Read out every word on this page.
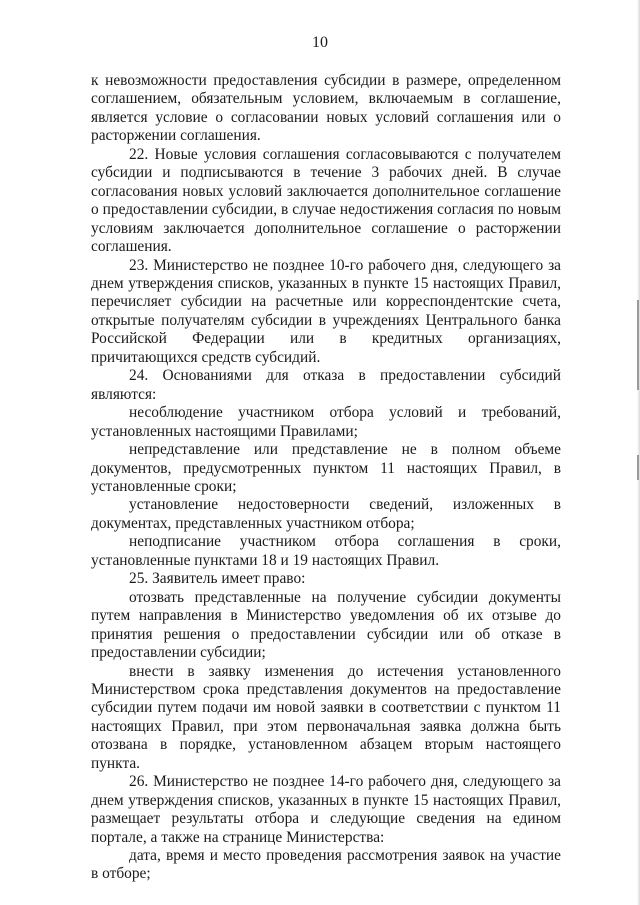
10

к невозможности предоставления субсидии в размере, определенном соглашением, обязательным условием, включаемым в соглашение, является условие о согласовании новых условий соглашения или о расторжении соглашения.

22. Новые условия соглашения согласовываются с получателем субсидии и подписываются в течение 3 рабочих дней. В случае согласования новых условий заключается дополнительное соглашение о предоставлении субсидии, в случае недостижения согласия по новым условиям заключается дополнительное соглашение о расторжении соглашения.

23. Министерство не позднее 10-го рабочего дня, следующего за днем утверждения списков, указанных в пункте 15 настоящих Правил, перечисляет субсидии на расчетные или корреспондентские счета, открытые получателям субсидии в учреждениях Центрального банка Российской Федерации или в кредитных организациях, причитающихся средств субсидий.

24. Основаниями для отказа в предоставлении субсидий являются:

несоблюдение участником отбора условий и требований, установленных настоящими Правилами;

непредставление или представление не в полном объеме документов, предусмотренных пунктом 11 настоящих Правил, в установленные сроки;

установление недостоверности сведений, изложенных в документах, представленных участником отбора;

неподписание участником отбора соглашения в сроки, установленные пунктами 18 и 19 настоящих Правил.

25. Заявитель имеет право:

отозвать представленные на получение субсидии документы путем направления в Министерство уведомления об их отзыве до принятия решения о предоставлении субсидии или об отказе в предоставлении субсидии;

внести в заявку изменения до истечения установленного Министерством срока представления документов на предоставление субсидии путем подачи им новой заявки в соответствии с пунктом 11 настоящих Правил, при этом первоначальная заявка должна быть отозвана в порядке, установленном абзацем вторым настоящего пункта.

26. Министерство не позднее 14-го рабочего дня, следующего за днем утверждения списков, указанных в пункте 15 настоящих Правил, размещает результаты отбора и следующие сведения на едином портале, а также на странице Министерства:

дата, время и место проведения рассмотрения заявок на участие в отборе;
